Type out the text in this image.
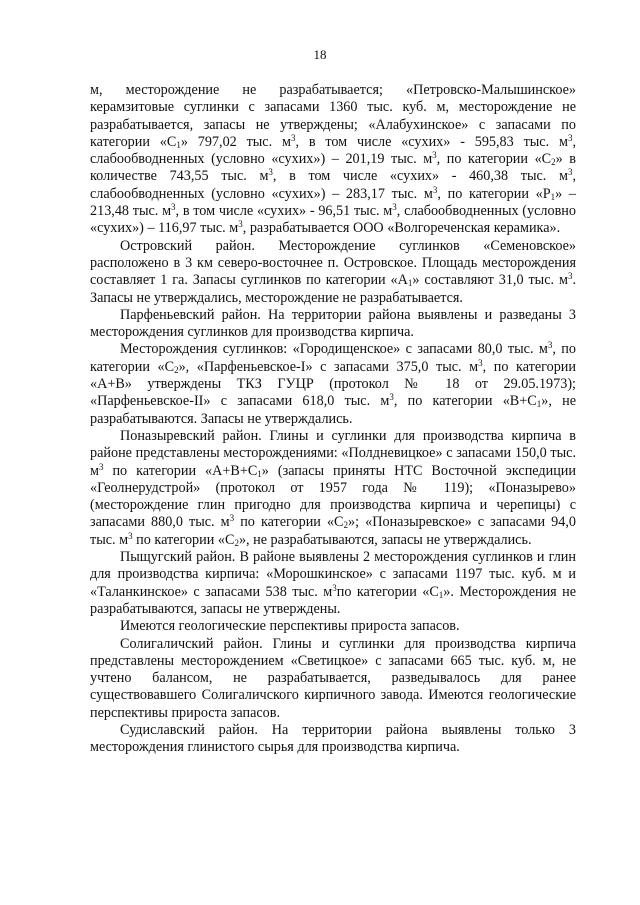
18

м, месторождение не разрабатывается; «Петровско-Малышинское» керамзитовые суглинки с запасами 1360 тыс. куб. м, месторождение не разрабатывается, запасы не утверждены; «Алабухинское» с запасами по категории «$С_1$» 797,02 тыс. $м^3$, в том числе «сухих» - 595,83 тыс. $м^3$, слабообводненных (условно «сухих») – 201,19 тыс. $м^3$, по категории «$С_2$» в количестве 743,55 тыс. $м^3$, в том числе «сухих» - 460,38 тыс. $м^3$, слабообводненных (условно «сухих») – 283,17 тыс. $м^3$, по категории «$Р_1$» – 213,48 тыс. $м^3$, в том числе «сухих» - 96,51 тыс. $м^3$, слабообводненных (условно «сухих») – 116,97 тыс. $м^3$, разрабатывается ООО «Волгореченская керамика».

Островский район. Месторождение суглинков «Семеновское» расположено в 3 км северо-восточнее п. Островское. Площадь месторождения составляет 1 га. Запасы суглинков по категории «$А_1$» составляют 31,0 тыс. $м^3$. Запасы не утверждались, месторождение не разрабатывается.

Парфеньевский район. На территории района выявлены и разведаны 3 месторождения суглинков для производства кирпича.

Месторождения суглинков: «Городищенское» с запасами 80,0 тыс. $м^3$, по категории «$С_2$», «Парфеньевское-I» с запасами 375,0 тыс. $м^3$, по категории «А+В» утверждены ТКЗ ГУЦР (протокол № 18 от 29.05.1973); «Парфеньевское-II» с запасами 618,0 тыс. $м^3$, по категории «$В+С_1$», не разрабатываются. Запасы не утверждались.

Поназыревский район. Глины и суглинки для производства кирпича в районе представлены месторождениями: «Полдневицкое» с запасами 150,0 тыс. $м^3$ по категории «$А+В+С_1$» (запасы приняты НТС Восточной экспедиции «Геолнерудстрой» (протокол от 1957 года № 119); «Поназырево» (месторождение глин пригодно для производства кирпича и черепицы) с запасами 880,0 тыс. $м^3$ по категории «$С_2$»; «Поназыревское» с запасами 94,0 тыс. $м^3$ по категории «$С_2$», не разрабатываются, запасы не утверждались.

Пыщугский район. В районе выявлены 2 месторождения суглинков и глин для производства кирпича: «Морошкинское» с запасами 1197 тыс. куб. м и «Таланкинское» с запасами 538 тыс. $м^3по$ категории «$С_1$». Месторождения не разрабатываются, запасы не утверждены.

Имеются геологические перспективы прироста запасов.

Солигаличский район. Глины и суглинки для производства кирпича представлены месторождением «Светицкое» с запасами 665 тыс. куб. м, не учтено балансом, не разрабатывается, разведывалось для ранее существовавшего Солигаличского кирпичного завода. Имеются геологические перспективы прироста запасов.

Судиславский район. На территории района выявлены только 3 месторождения глинистого сырья для производства кирпича.
